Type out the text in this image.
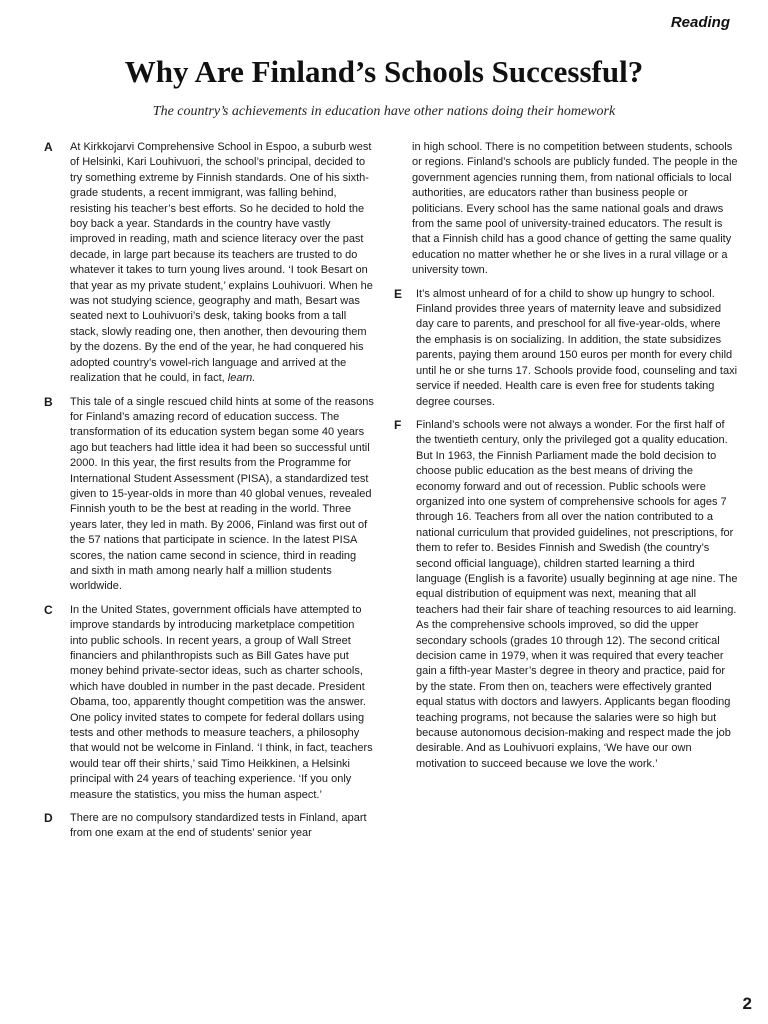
Reading
Why Are Finland’s Schools Successful?
The country’s achievements in education have other nations doing their homework

A At Kirkkojarvi Comprehensive School in Espoo, a suburb west of Helsinki, Kari Louhivuori, the school’s principal, decided to try something extreme by Finnish standards. One of his sixth-grade students, a recent immigrant, was falling behind, resisting his teacher’s best efforts. So he decided to hold the boy back a year. Standards in the country have vastly improved in reading, math and science literacy over the past decade, in large part because its teachers are trusted to do whatever it takes to turn young lives around. ‘I took Besart on that year as my private student,’ explains Louhivuori. When he was not studying science, geography and math, Besart was seated next to Louhivuori’s desk, taking books from a tall stack, slowly reading one, then another, then devouring them by the dozens. By the end of the year, he had conquered his adopted country’s vowel-rich language and arrived at the realization that he could, in fact, learn.

B This tale of a single rescued child hints at some of the reasons for Finland’s amazing record of education success. The transformation of its education system began some 40 years ago but teachers had little idea it had been so successful until 2000. In this year, the first results from the Programme for International Student Assessment (PISA), a standardized test given to 15-year-olds in more than 40 global venues, revealed Finnish youth to be the best at reading in the world. Three years later, they led in math. By 2006, Finland was first out of the 57 nations that participate in science. In the latest PISA scores, the nation came second in science, third in reading and sixth in math among nearly half a million students worldwide.

C In the United States, government officials have attempted to improve standards by introducing marketplace competition into public schools. In recent years, a group of Wall Street financiers and philanthropists such as Bill Gates have put money behind private-sector ideas, such as charter schools, which have doubled in number in the past decade. President Obama, too, apparently thought competition was the answer. One policy invited states to compete for federal dollars using tests and other methods to measure teachers, a philosophy that would not be welcome in Finland. ‘I think, in fact, teachers would tear off their shirts,’ said Timo Heikkinen, a Helsinki principal with 24 years of teaching experience. ‘If you only measure the statistics, you miss the human aspect.’

D There are no compulsory standardized tests in Finland, apart from one exam at the end of students’ senior year

in high school. There is no competition between students, schools or regions. Finland’s schools are publicly funded. The people in the government agencies running them, from national officials to local authorities, are educators rather than business people or politicians. Every school has the same national goals and draws from the same pool of university-trained educators. The result is that a Finnish child has a good chance of getting the same quality education no matter whether he or she lives in a rural village or a university town.

E It’s almost unheard of for a child to show up hungry to school. Finland provides three years of maternity leave and subsidized day care to parents, and preschool for all five-year-olds, where the emphasis is on socializing. In addition, the state subsidizes parents, paying them around 150 euros per month for every child until he or she turns 17. Schools provide food, counseling and taxi service if needed. Health care is even free for students taking degree courses.

F Finland’s schools were not always a wonder. For the first half of the twentieth century, only the privileged got a quality education. But In 1963, the Finnish Parliament made the bold decision to choose public education as the best means of driving the economy forward and out of recession. Public schools were organized into one system of comprehensive schools for ages 7 through 16. Teachers from all over the nation contributed to a national curriculum that provided guidelines, not prescriptions, for them to refer to. Besides Finnish and Swedish (the country’s second official language), children started learning a third language (English is a favorite) usually beginning at age nine. The equal distribution of equipment was next, meaning that all teachers had their fair share of teaching resources to aid learning. As the comprehensive schools improved, so did the upper secondary schools (grades 10 through 12). The second critical decision came in 1979, when it was required that every teacher gain a fifth-year Master’s degree in theory and practice, paid for by the state. From then on, teachers were effectively granted equal status with doctors and lawyers. Applicants began flooding teaching programs, not because the salaries were so high but because autonomous decision-making and respect made the job desirable. And as Louhivuori explains, ‘We have our own motivation to succeed because we love the work.’

2
